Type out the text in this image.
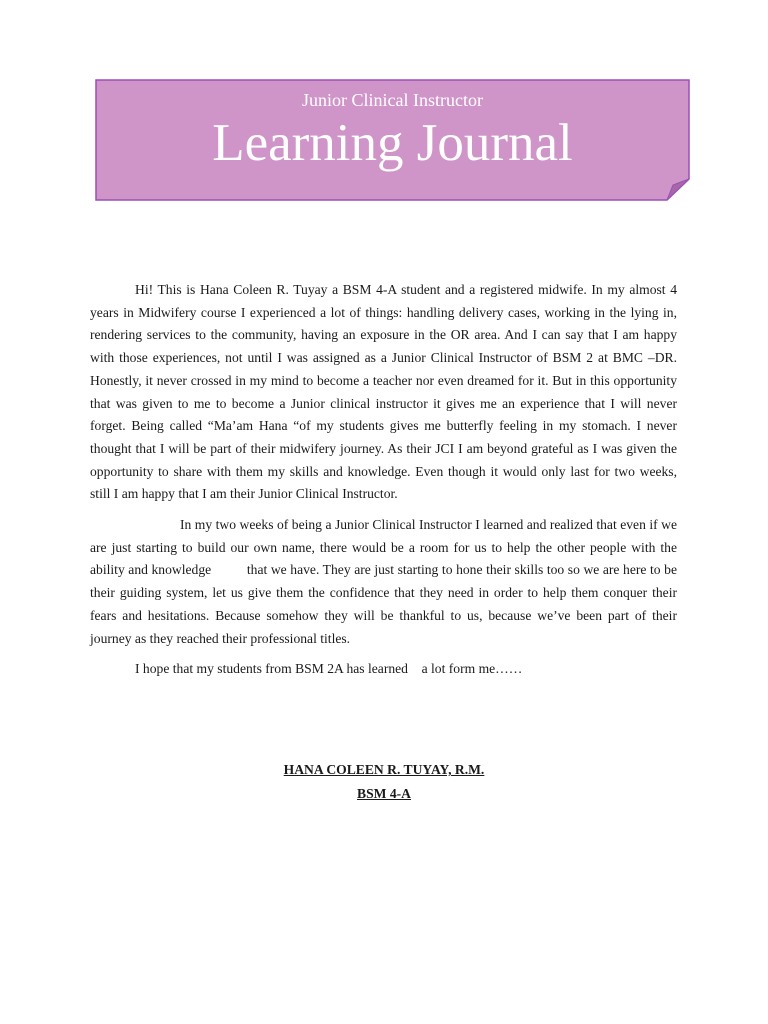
Junior Clinical Instructor
Learning Journal

Hi! This is Hana Coleen R. Tuyay a BSM 4-A student and a registered midwife. In my almost 4 years in Midwifery course I experienced a lot of things: handling delivery cases, working in the lying in, rendering services to the community, having an exposure in the OR area. And I can say that I am happy with those experiences, not until I was assigned as a Junior Clinical Instructor of BSM 2 at BMC –DR. Honestly, it never crossed in my mind to become a teacher nor even dreamed for it. But in this opportunity that was given to me to become a Junior clinical instructor it gives me an experience that I will never forget. Being called “Ma’am Hana “of my students gives me butterfly feeling in my stomach. I never thought that I will be part of their midwifery journey. As their JCI I am beyond grateful as I was given the opportunity to share with them my skills and knowledge. Even though it would only last for two weeks, still I am happy that I am their Junior Clinical Instructor.

In my two weeks of being a Junior Clinical Instructor I learned and realized that even if we are just starting to build our own name, there would be a room for us to help the other people with the ability and knowledge          that we have. They are just starting to hone their skills too so we are here to be their guiding system, let us give them the confidence that they need in order to help them conquer their fears and hesitations. Because somehow they will be thankful to us, because we’ve been part of their journey as they reached their professional titles.

I hope that my students from BSM 2A has learned    a lot form me……

HANA COLEEN R. TUYAY, R.M.
BSM 4-A
